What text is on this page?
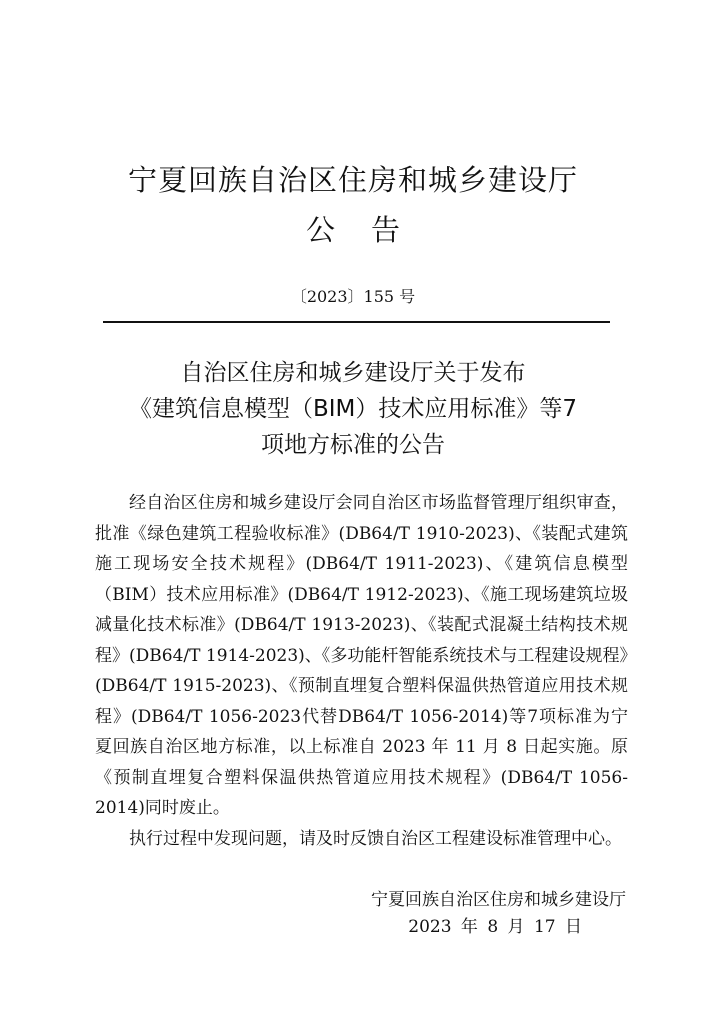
宁夏回族自治区住房和城乡建设厅
公 告
〔2023〕155 号
自治区住房和城乡建设厅关于发布
《建筑信息模型（BIM）技术应用标准》等7
项地方标准的公告

经自治区住房和城乡建设厅会同自治区市场监督管理厅组织审查，批准《绿色建筑工程验收标准》(DB64/T 1910-2023)、《装配式建筑施工现场安全技术规程》(DB64/T 1911-2023)、《建筑信息模型（BIM）技术应用标准》(DB64/T 1912-2023)、《施工现场建筑垃圾减量化技术标准》(DB64/T 1913-2023)、《装配式混凝土结构技术规程》(DB64/T 1914-2023)、《多功能杆智能系统技术与工程建设规程》(DB64/T 1915-2023)、《预制直埋复合塑料保温供热管道应用技术规程》(DB64/T 1056-2023代替DB64/T 1056-2014)等7项标准为宁夏回族自治区地方标准，以上标准自 2023 年 11 月 8 日起实施。原《预制直埋复合塑料保温供热管道应用技术规程》(DB64/T 1056-2014)同时废止。

执行过程中发现问题，请及时反馈自治区工程建设标准管理中心。

宁夏回族自治区住房和城乡建设厅
2023 年 8 月 17 日
